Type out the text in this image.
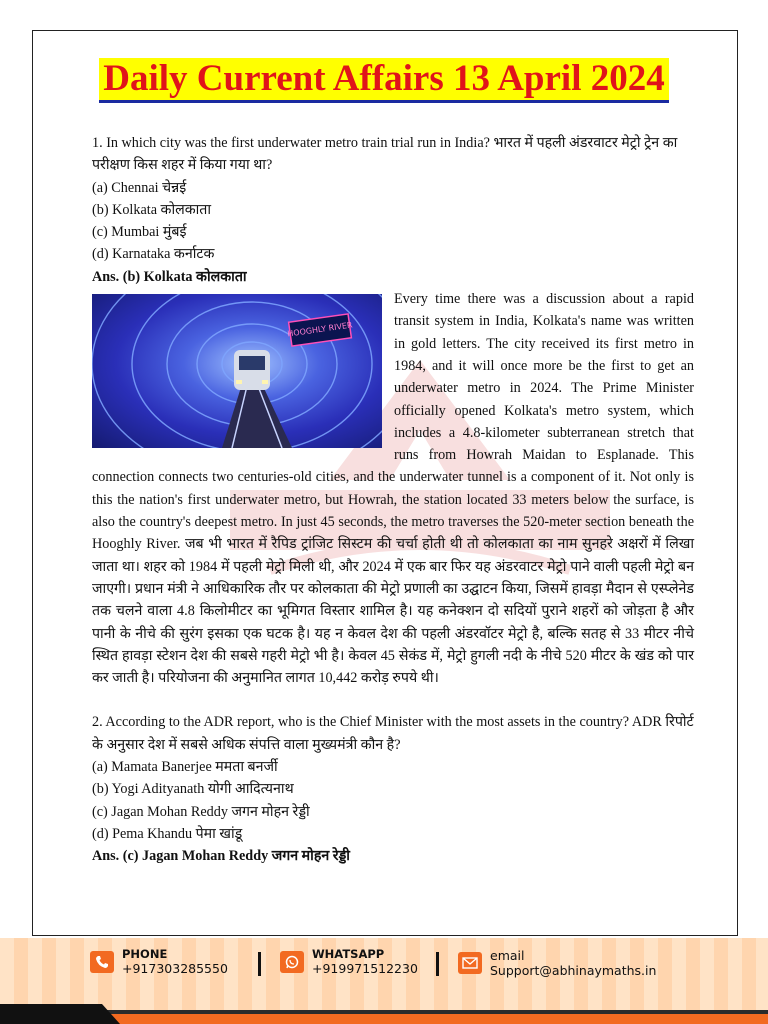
Daily Current Affairs 13 April 2024

1. In which city was the first underwater metro train trial run in India? भारत में पहली अंडरवाटर मेट्रो ट्रेन का परीक्षण किस शहर में किया गया था?

(a) Chennai चेन्नई

(b) Kolkata कोलकाता

(c) Mumbai मुंबई

(d) Karnataka कर्नाटक

Ans. (b) Kolkata कोलकाता

HOOGHLY RIVER

Every time there was a discussion about a rapid transit system in India, Kolkata's name was written in gold letters. The city received its first metro in 1984, and it will once more be the first to get an underwater metro in 2024. The Prime Minister officially opened Kolkata's metro system, which includes a 4.8-kilometer subterranean stretch that runs from Howrah Maidan to Esplanade. This connection connects two centuries-old cities, and the underwater tunnel is a component of it. Not only is this the nation's first underwater metro, but Howrah, the station located 33 meters below the surface, is also the country's deepest metro. In just 45 seconds, the metro traverses the 520-meter section beneath the Hooghly River. जब भी भारत में रैपिड ट्रांजिट सिस्टम की चर्चा होती थी तो कोलकाता का नाम सुनहरे अक्षरों में लिखा जाता था। शहर को 1984 में पहली मेट्रो मिली थी, और 2024 में एक बार फिर यह अंडरवाटर मेट्रो पाने वाली पहली मेट्रो बन जाएगी। प्रधान मंत्री ने आधिकारिक तौर पर कोलकाता की मेट्रो प्रणाली का उद्घाटन किया, जिसमें हावड़ा मैदान से एस्प्लेनेड तक चलने वाला 4.8 किलोमीटर का भूमिगत विस्तार शामिल है। यह कनेक्शन दो सदियों पुराने शहरों को जोड़ता है और पानी के नीचे की सुरंग इसका एक घटक है। यह न केवल देश की पहली अंडरवॉटर मेट्रो है, बल्कि सतह से 33 मीटर नीचे स्थित हावड़ा स्टेशन देश की सबसे गहरी मेट्रो भी है। केवल 45 सेकंड में, मेट्रो हुगली नदी के नीचे 520 मीटर के खंड को पार कर जाती है। परियोजना की अनुमानित लागत 10,442 करोड़ रुपये थी।

2. According to the ADR report, who is the Chief Minister with the most assets in the country? ADR रिपोर्ट के अनुसार देश में सबसे अधिक संपत्ति वाला मुख्यमंत्री कौन है?

(a) Mamata Banerjee ममता बनर्जी

(b) Yogi Adityanath योगी आदित्यनाथ

(c) Jagan Mohan Reddy जगन मोहन रेड्डी

(d) Pema Khandu पेमा खांडू

Ans. (c) Jagan Mohan Reddy जगन मोहन रेड्डी

PHONE
+917303285550
WHATSAPP
+919971512230
email
Support@abhinaymaths.in
